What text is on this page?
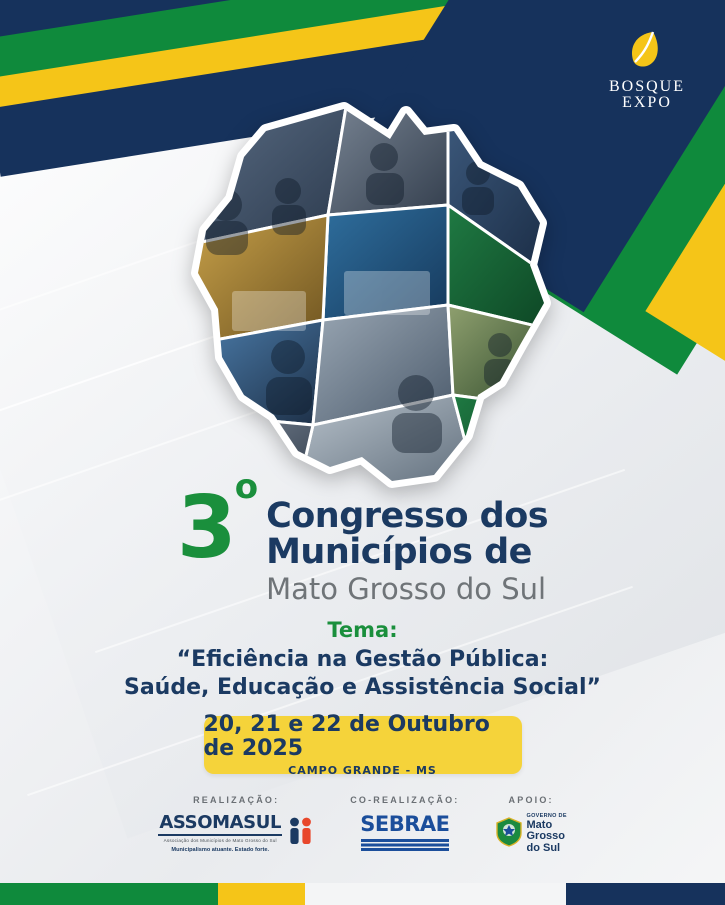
BOSQUE
EXPO
3$^o$
Congresso dos
Municípios de
Mato Grosso do Sul
Tema:
“Eficiência na Gestão Pública:
Saúde, Educação e Assistência Social”
20, 21 e 22 de Outubro de 2025
CAMPO GRANDE - MS
REALIZAÇÃO:
ASSOMASUL
Associação dos Municípios de Mato Grosso do Sul
Municipalismo atuante. Estado forte.
CO-REALIZAÇÃO:
SEBRAE
APOIO:
GOVERNO DE
Mato
Grosso
do Sul
